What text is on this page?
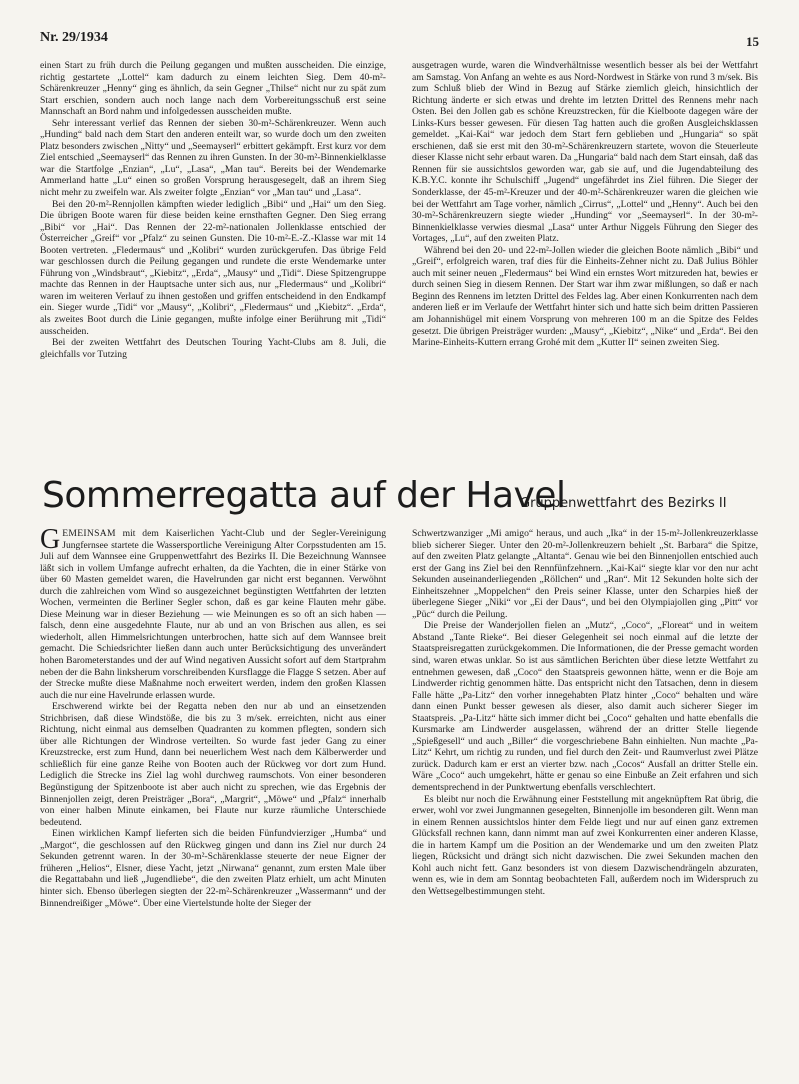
Nr. 29/1934	15

einen Start zu früh durch die Peilung gegangen und mußten ausscheiden. Die einzige, richtig gestartete „Lottel“ kam dadurch zu einem leichten Sieg. Dem 40-m²-Schärenkreuzer „Henny“ ging es ähnlich, da sein Gegner „Thilse“ nicht nur zu spät zum Start erschien, sondern auch noch lange nach dem Vorbereitungsschuß erst seine Mannschaft an Bord nahm und infolgedessen ausscheiden mußte.

Sehr interessant verlief das Rennen der sieben 30-m²-Schärenkreuzer. Wenn auch „Hunding“ bald nach dem Start den anderen enteilt war, so wurde doch um den zweiten Platz besonders zwischen „Nitty“ und „Seemayserl“ erbittert gekämpft. Erst kurz vor dem Ziel entschied „Seemayserl“ das Rennen zu ihren Gunsten. In der 30-m²-Binnenkielklasse war die Startfolge „Enzian“, „Lu“, „Lasa“, „Man tau“. Bereits bei der Wendemarke Ammerland hatte „Lu“ einen so großen Vorsprung herausgesegelt, daß an ihrem Sieg nicht mehr zu zweifeln war. Als zweiter folgte „Enzian“ vor „Man tau“ und „Lasa“.

Bei den 20-m²-Rennjollen kämpften wieder lediglich „Bibi“ und „Hai“ um den Sieg. Die übrigen Boote waren für diese beiden keine ernsthaften Gegner. Den Sieg errang „Bibi“ vor „Hai“. Das Rennen der 22-m²-nationalen Jollenklasse entschied der Österreicher „Greif“ vor „Pfalz“ zu seinen Gunsten. Die 10-m²-E.-Z.-Klasse war mit 14 Booten vertreten. „Fledermaus“ und „Kolibri“ wurden zurückgerufen. Das übrige Feld war geschlossen durch die Peilung gegangen und rundete die erste Wendemarke unter Führung von „Windsbraut“, „Kiebitz“, „Erda“, „Mausy“ und „Tidi“. Diese Spitzengruppe machte das Rennen in der Hauptsache unter sich aus, nur „Fledermaus“ und „Kolibri“ waren im weiteren Verlauf zu ihnen gestoßen und griffen entscheidend in den Endkampf ein. Sieger wurde „Tidi“ vor „Mausy“, „Kolibri“, „Fledermaus“ und „Kiebitz“. „Erda“, als zweites Boot durch die Linie gegangen, mußte infolge einer Berührung mit „Tidi“ ausscheiden.

Bei der zweiten Wettfahrt des Deutschen Touring Yacht-Clubs am 8. Juli, die gleichfalls vor Tutzing

ausgetragen wurde, waren die Windverhältnisse wesentlich besser als bei der Wettfahrt am Samstag. Von Anfang an wehte es aus Nord-Nordwest in Stärke von rund 3 m/sek. Bis zum Schluß blieb der Wind in Bezug auf Stärke ziemlich gleich, hinsichtlich der Richtung änderte er sich etwas und drehte im letzten Drittel des Rennens mehr nach Osten. Bei den Jollen gab es schöne Kreuzstrecken, für die Kielboote dagegen wäre der Links-Kurs besser gewesen. Für diesen Tag hatten auch die großen Ausgleichsklassen gemeldet. „Kai-Kai“ war jedoch dem Start fern geblieben und „Hungaria“ so spät erschienen, daß sie erst mit den 30-m²-Schärenkreuzern startete, wovon die Steuerleute dieser Klasse nicht sehr erbaut waren. Da „Hungaria“ bald nach dem Start einsah, daß das Rennen für sie aussichtslos geworden war, gab sie auf, und die Jugendabteilung des K.B.Y.C. konnte ihr Schulschiff „Jugend“ ungefährdet ins Ziel führen. Die Sieger der Sonderklasse, der 45-m²-Kreuzer und der 40-m²-Schärenkreuzer waren die gleichen wie bei der Wettfahrt am Tage vorher, nämlich „Cirrus“, „Lottel“ und „Henny“. Auch bei den 30-m²-Schärenkreuzern siegte wieder „Hunding“ vor „Seemayserl“. In der 30-m²-Binnenkielklasse verwies diesmal „Lasa“ unter Arthur Niggels Führung den Sieger des Vortages, „Lu“, auf den zweiten Platz.

Während bei den 20- und 22-m²-Jollen wieder die gleichen Boote nämlich „Bibi“ und „Greif“, erfolgreich waren, traf dies für die Einheits-Zehner nicht zu. Daß Julius Böhler auch mit seiner neuen „Fledermaus“ bei Wind ein ernstes Wort mitzureden hat, bewies er durch seinen Sieg in diesem Rennen. Der Start war ihm zwar mißlungen, so daß er nach Beginn des Rennens im letzten Drittel des Feldes lag. Aber einen Konkurrenten nach dem anderen ließ er im Verlaufe der Wettfahrt hinter sich und hatte sich beim dritten Passieren am Johannishügel mit einem Vorsprung von mehreren 100 m an die Spitze des Feldes gesetzt. Die übrigen Preisträger wurden: „Mausy“, „Kiebitz“, „Nike“ und „Erda“. Bei den Marine-Einheits-Kuttern errang Grohé mit dem „Kutter II“ seinen zweiten Sieg.

Sommerregatta auf der Havel
Gruppenwettfahrt des Bezirks II

GEMEINSAM mit dem Kaiserlichen Yacht-Club und der Segler-Vereinigung Jungfernsee startete die Wassersportliche Vereinigung Alter Corpsstudenten am 15. Juli auf dem Wannsee eine Gruppenwettfahrt des Bezirks II. Die Bezeichnung Wannsee läßt sich in vollem Umfange aufrecht erhalten, da die Yachten, die in einer Stärke von über 60 Masten gemeldet waren, die Havelrunden gar nicht erst begannen. Verwöhnt durch die zahlreichen vom Wind so ausgezeichnet begünstigten Wettfahrten der letzten Wochen, vermeinten die Berliner Segler schon, daß es gar keine Flauten mehr gäbe. Diese Meinung war in dieser Beziehung — wie Meinungen es so oft an sich haben — falsch, denn eine ausgedehnte Flaute, nur ab und an von Brischen aus allen, es sei wiederholt, allen Himmelsrichtungen unterbrochen, hatte sich auf dem Wannsee breit gemacht. Die Schiedsrichter ließen dann auch unter Berücksichtigung des unverändert hohen Barometerstandes und der auf Wind negativen Aussicht sofort auf dem Startprahm neben der die Bahn linksherum vorschreibenden Kursflagge die Flagge S setzen. Aber auf der Strecke mußte diese Maßnahme noch erweitert werden, indem den großen Klassen auch die nur eine Havelrunde erlassen wurde.

Erschwerend wirkte bei der Regatta neben den nur ab und an einsetzenden Strichbrisen, daß diese Windstöße, die bis zu 3 m/sek. erreichten, nicht aus einer Richtung, nicht einmal aus demselben Quadranten zu kommen pflegten, sondern sich über alle Richtungen der Windrose verteilten. So wurde fast jeder Gang zu einer Kreuzstrecke, erst zum Hund, dann bei neuerlichem West nach dem Kälberwerder und schließlich für eine ganze Reihe von Booten auch der Rückweg vor dort zum Hund. Lediglich die Strecke ins Ziel lag wohl durchweg raumschots. Von einer besonderen Begünstigung der Spitzenboote ist aber auch nicht zu sprechen, wie das Ergebnis der Binnenjollen zeigt, deren Preisträger „Bora“, „Margrit“, „Möwe“ und „Pfalz“ innerhalb von einer halben Minute einkamen, bei Flaute nur kurze räumliche Unterschiede bedeutend.

Einen wirklichen Kampf lieferten sich die beiden Fünfundvierziger „Humba“ und „Margot“, die geschlossen auf den Rückweg gingen und dann ins Ziel nur durch 24 Sekunden getrennt waren. In der 30-m²-Schärenklasse steuerte der neue Eigner der früheren „Helios“, Elsner, diese Yacht, jetzt „Nirwana“ genannt, zum ersten Male über die Regattabahn und ließ „Jugendliebe“, die den zweiten Platz erhielt, um acht Minuten hinter sich. Ebenso überlegen siegten der 22-m²-Schärenkreuzer „Wassermann“ und der Binnendreißiger „Möwe“. Über eine Viertelstunde holte der Sieger der

Schwertzwanziger „Mi amigo“ heraus, und auch „Ika“ in der 15-m²-Jollenkreuzerklasse blieb sicherer Sieger. Unter den 20-m²-Jollenkreuzern behielt „St. Barbara“ die Spitze, auf den zweiten Platz gelangte „Altanta“. Genau wie bei den Binnenjollen entschied auch erst der Gang ins Ziel bei den Rennfünfzehnern. „Kai-Kai“ siegte klar vor den nur acht Sekunden auseinanderliegenden „Röllchen“ und „Ran“. Mit 12 Sekunden holte sich der Einheitszehner „Moppelchen“ den Preis seiner Klasse, unter den Scharpies hieß der überlegene Sieger „Niki“ vor „Ei der Daus“, und bei den Olympiajollen ging „Pitt“ vor „Püc“ durch die Peilung.

Die Preise der Wanderjollen fielen an „Mutz“, „Coco“, „Floreat“ und in weitem Abstand „Tante Rieke“. Bei dieser Gelegenheit sei noch einmal auf die letzte der Staatspreisregatten zurückgekommen. Die Informationen, die der Presse gemacht worden sind, waren etwas unklar. So ist aus sämtlichen Berichten über diese letzte Wettfahrt zu entnehmen gewesen, daß „Coco“ den Staatspreis gewonnen hätte, wenn er die Boje am Lindwerder richtig genommen hätte. Das entspricht nicht den Tatsachen, denn in diesem Falle hätte „Pa-Litz“ den vorher innegehabten Platz hinter „Coco“ behalten und wäre dann einen Punkt besser gewesen als dieser, also damit auch sicherer Sieger im Staatspreis. „Pa-Litz“ hätte sich immer dicht bei „Coco“ gehalten und hatte ebenfalls die Kursmarke am Lindwerder ausgelassen, während der an dritter Stelle liegende „Spießgesell“ und auch „Biller“ die vorgeschriebene Bahn einhielten. Nun machte „Pa-Litz“ Kehrt, um richtig zu runden, und fiel durch den Zeit- und Raumverlust zwei Plätze zurück. Dadurch kam er erst an vierter bzw. nach „Cocos“ Ausfall an dritter Stelle ein. Wäre „Coco“ auch umgekehrt, hätte er genau so eine Einbuße an Zeit erfahren und sich dementsprechend in der Punktwertung ebenfalls verschlechtert.

Es bleibt nur noch die Erwähnung einer Feststellung mit angeknüpftem Rat übrig, die erwer, wohl vor zwei Jungmannen gesegelten, Binnenjolle im besonderen gilt. Wenn man in einem Rennen aussichtslos hinter dem Felde liegt und nur auf einen ganz extremen Glücksfall rechnen kann, dann nimmt man auf zwei Konkurrenten einer anderen Klasse, die in hartem Kampf um die Position an der Wendemarke und um den zweiten Platz liegen, Rücksicht und drängt sich nicht dazwischen. Die zwei Sekunden machen den Kohl auch nicht fett. Ganz besonders ist von diesem Dazwischendrängeln abzuraten, wenn es, wie in dem am Sonntag beobachteten Fall, außerdem noch im Widerspruch zu den Wettsegelbestimmungen steht.
